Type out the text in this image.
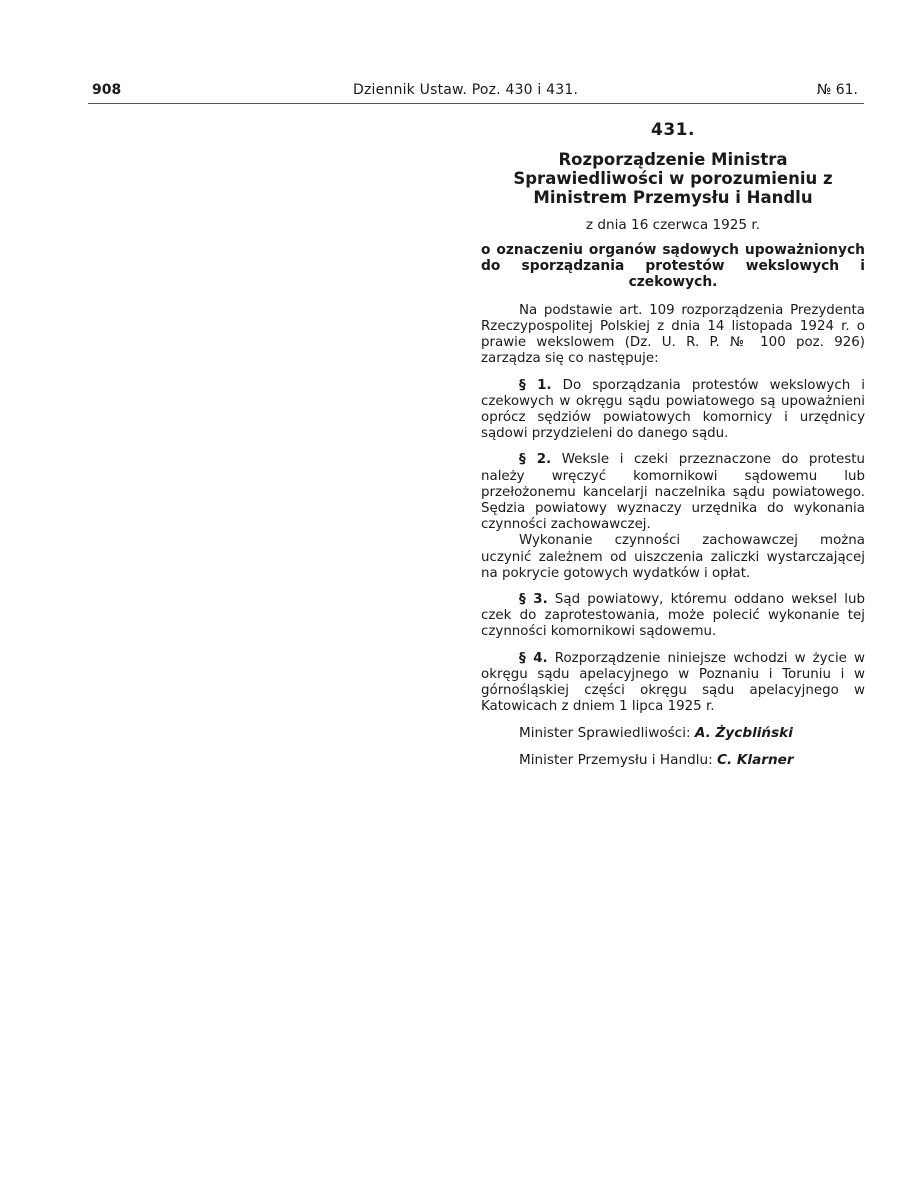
908	Dziennik Ustaw. Poz. 430 i 431.	№ 61.
431.
Rozporządzenie Ministra Sprawiedliwości w porozumieniu z Ministrem Przemysłu i Handlu
z dnia 16 czerwca 1925 r.
o oznaczeniu organów sądowych upoważnionych do sporządzania protestów wekslowych i czekowych.

Na podstawie art. 109 rozporządzenia Prezydenta Rzeczypospolitej Polskiej z dnia 14 listopada 1924 r. o prawie wekslowem (Dz. U. R. P. № 100 poz. 926) zarządza się co następuje:

§ 1. Do sporządzania protestów wekslowych i czekowych w okręgu sądu powiatowego są upoważnieni oprócz sędziów powiatowych komornicy i urzędnicy sądowi przydzieleni do danego sądu.

§ 2. Weksle i czeki przeznaczone do protestu należy wręczyć komornikowi sądowemu lub przełożonemu kancelarji naczelnika sądu powiatowego. Sędzia powiatowy wyznaczy urzędnika do wykonania czynności zachowawczej.

Wykonanie czynności zachowawczej można uczynić zależnem od uiszczenia zaliczki wystarczającej na pokrycie gotowych wydatków i opłat.

§ 3. Sąd powiatowy, któremu oddano weksel lub czek do zaprotestowania, może polecić wykonanie tej czynności komornikowi sądowemu.

§ 4. Rozporządzenie niniejsze wchodzi w życie w okręgu sądu apelacyjnego w Poznaniu i Toruniu i w górnośląskiej części okręgu sądu apelacyjnego w Katowicach z dniem 1 lipca 1925 r.

Minister Sprawiedliwości: A. Życbliński
Minister Przemysłu i Handlu: C. Klarner
